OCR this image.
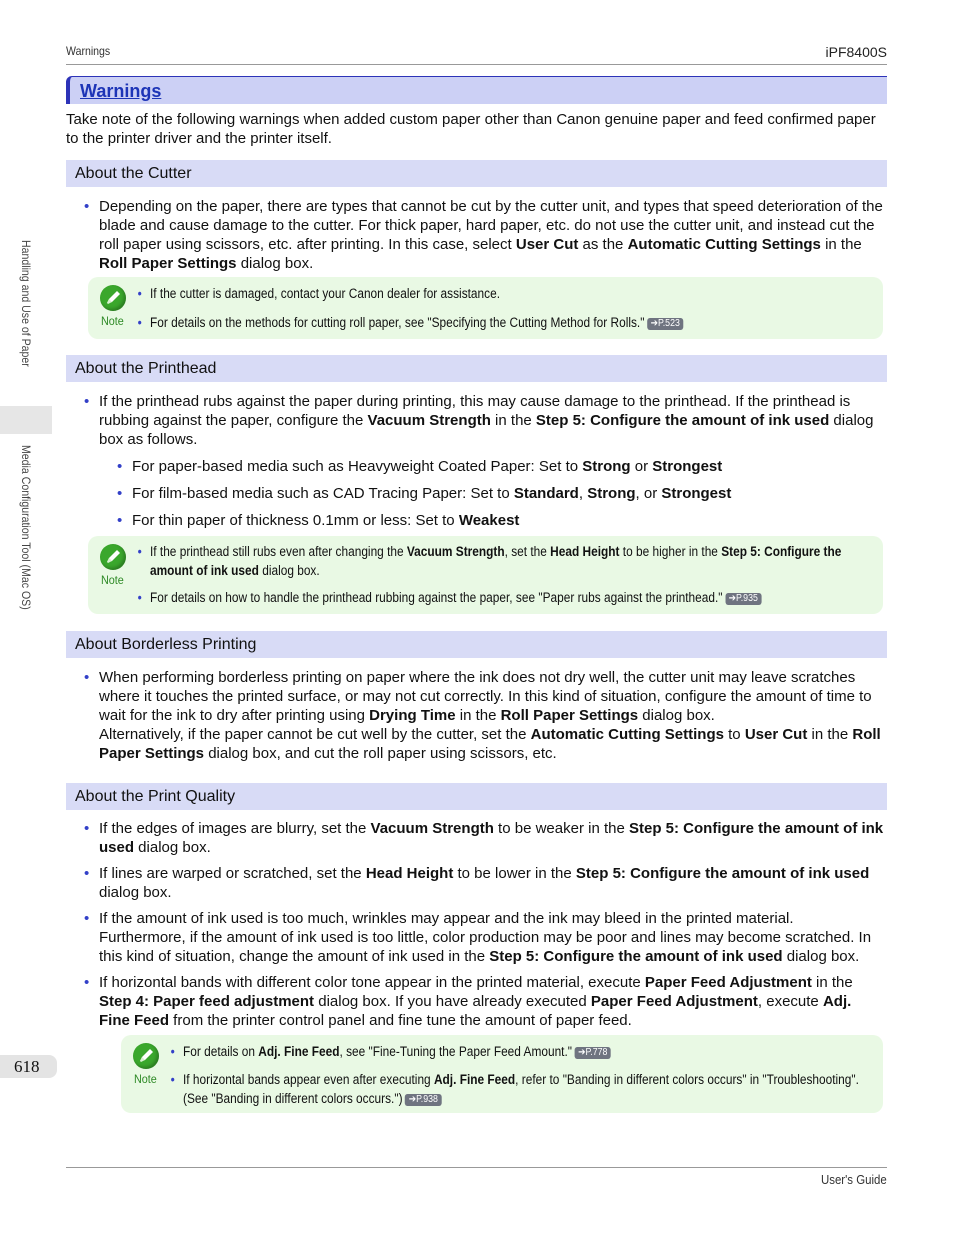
Warnings	iPF8400S
Warnings
Take note of the following warnings when added custom paper other than Canon genuine paper and feed confirmed paper to the printer driver and the printer itself.
About the Cutter
• Depending on the paper, there are types that cannot be cut by the cutter unit, and types that speed deterioration of the blade and cause damage to the cutter. For thick paper, hard paper, etc. do not use the cutter unit, and instead cut the roll paper using scissors, etc. after printing. In this case, select User Cut as the Automatic Cutting Settings in the Roll Paper Settings dialog box.
Note
• If the cutter is damaged, contact your Canon dealer for assistance.
• For details on the methods for cutting roll paper, see "Specifying the Cutting Method for Rolls." ➔P.523
About the Printhead
• If the printhead rubs against the paper during printing, this may cause damage to the printhead. If the printhead is rubbing against the paper, configure the Vacuum Strength in the Step 5: Configure the amount of ink used dialog box as follows.
• For paper-based media such as Heavyweight Coated Paper: Set to Strong or Strongest
• For film-based media such as CAD Tracing Paper: Set to Standard, Strong, or Strongest
• For thin paper of thickness 0.1mm or less: Set to Weakest
Note
• If the printhead still rubs even after changing the Vacuum Strength, set the Head Height to be higher in the Step 5: Configure the amount of ink used dialog box.
• For details on how to handle the printhead rubbing against the paper, see "Paper rubs against the printhead." ➔P.935
About Borderless Printing
• When performing borderless printing on paper where the ink does not dry well, the cutter unit may leave scratches where it touches the printed surface, or may not cut correctly. In this kind of situation, configure the amount of time to wait for the ink to dry after printing using Drying Time in the Roll Paper Settings dialog box.
Alternatively, if the paper cannot be cut well by the cutter, set the Automatic Cutting Settings to User Cut in the Roll Paper Settings dialog box, and cut the roll paper using scissors, etc.
About the Print Quality
• If the edges of images are blurry, set the Vacuum Strength to be weaker in the Step 5: Configure the amount of ink used dialog box.
• If lines are warped or scratched, set the Head Height to be lower in the Step 5: Configure the amount of ink used dialog box.
• If the amount of ink used is too much, wrinkles may appear and the ink may bleed in the printed material. Furthermore, if the amount of ink used is too little, color production may be poor and lines may become scratched. In this kind of situation, change the amount of ink used in the Step 5: Configure the amount of ink used dialog box.
• If horizontal bands with different color tone appear in the printed material, execute Paper Feed Adjustment in the Step 4: Paper feed adjustment dialog box. If you have already executed Paper Feed Adjustment, execute Adj. Fine Feed from the printer control panel and fine tune the amount of paper feed.
Note
• For details on Adj. Fine Feed, see "Fine-Tuning the Paper Feed Amount." ➔P.778
• If horizontal bands appear even after executing Adj. Fine Feed, refer to "Banding in different colors occurs" in "Troubleshooting". (See "Banding in different colors occurs.") ➔P.938
Handling and Use of Paper
Media Configuration Tool (Mac OS)
618
User's Guide
